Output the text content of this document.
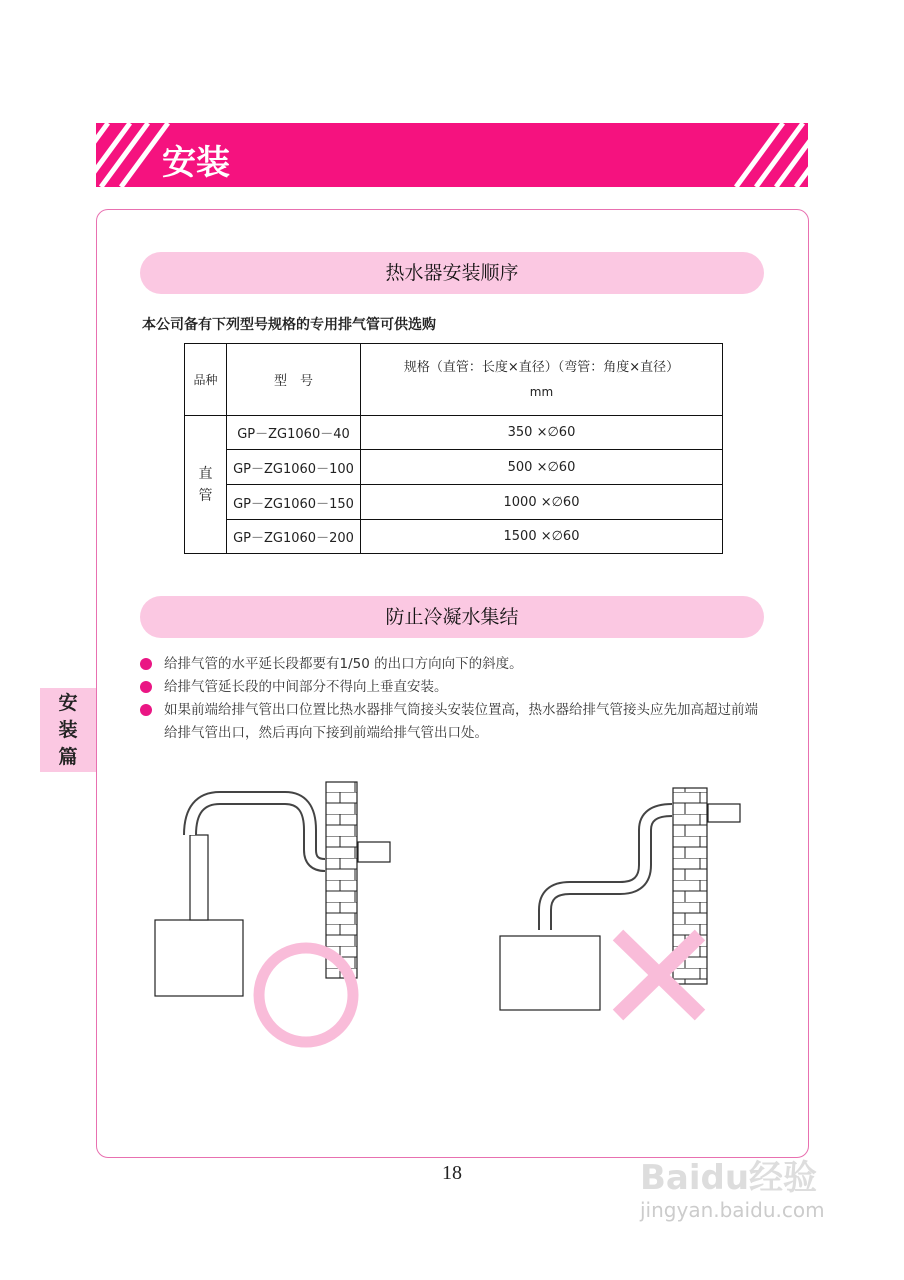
安装
安
装
篇
热水器安装顺序
本公司备有下列型号规格的专用排气管可供选购
品种	型　号	规格（直管：长度×直径）（弯管：角度×直径）
mm

直管	GP－ZG1060－40	350 ×∅60
	GP－ZG1060－100	500 ×∅60
	GP－ZG1060－150	1000 ×∅60
	GP－ZG1060－200	1500 ×∅60
防止冷凝水集结
给排气管的水平延长段都要有1/50 的出口方向向下的斜度。
给排气管延长段的中间部分不得向上垂直安装。
如果前端给排气管出口位置比热水器排气筒接头安装位置高，热水器给排气管接头应先加高超过前端给排气管出口，然后再向下接到前端给排气管出口处。
18	Baidu经验
jingyan.baidu.com
